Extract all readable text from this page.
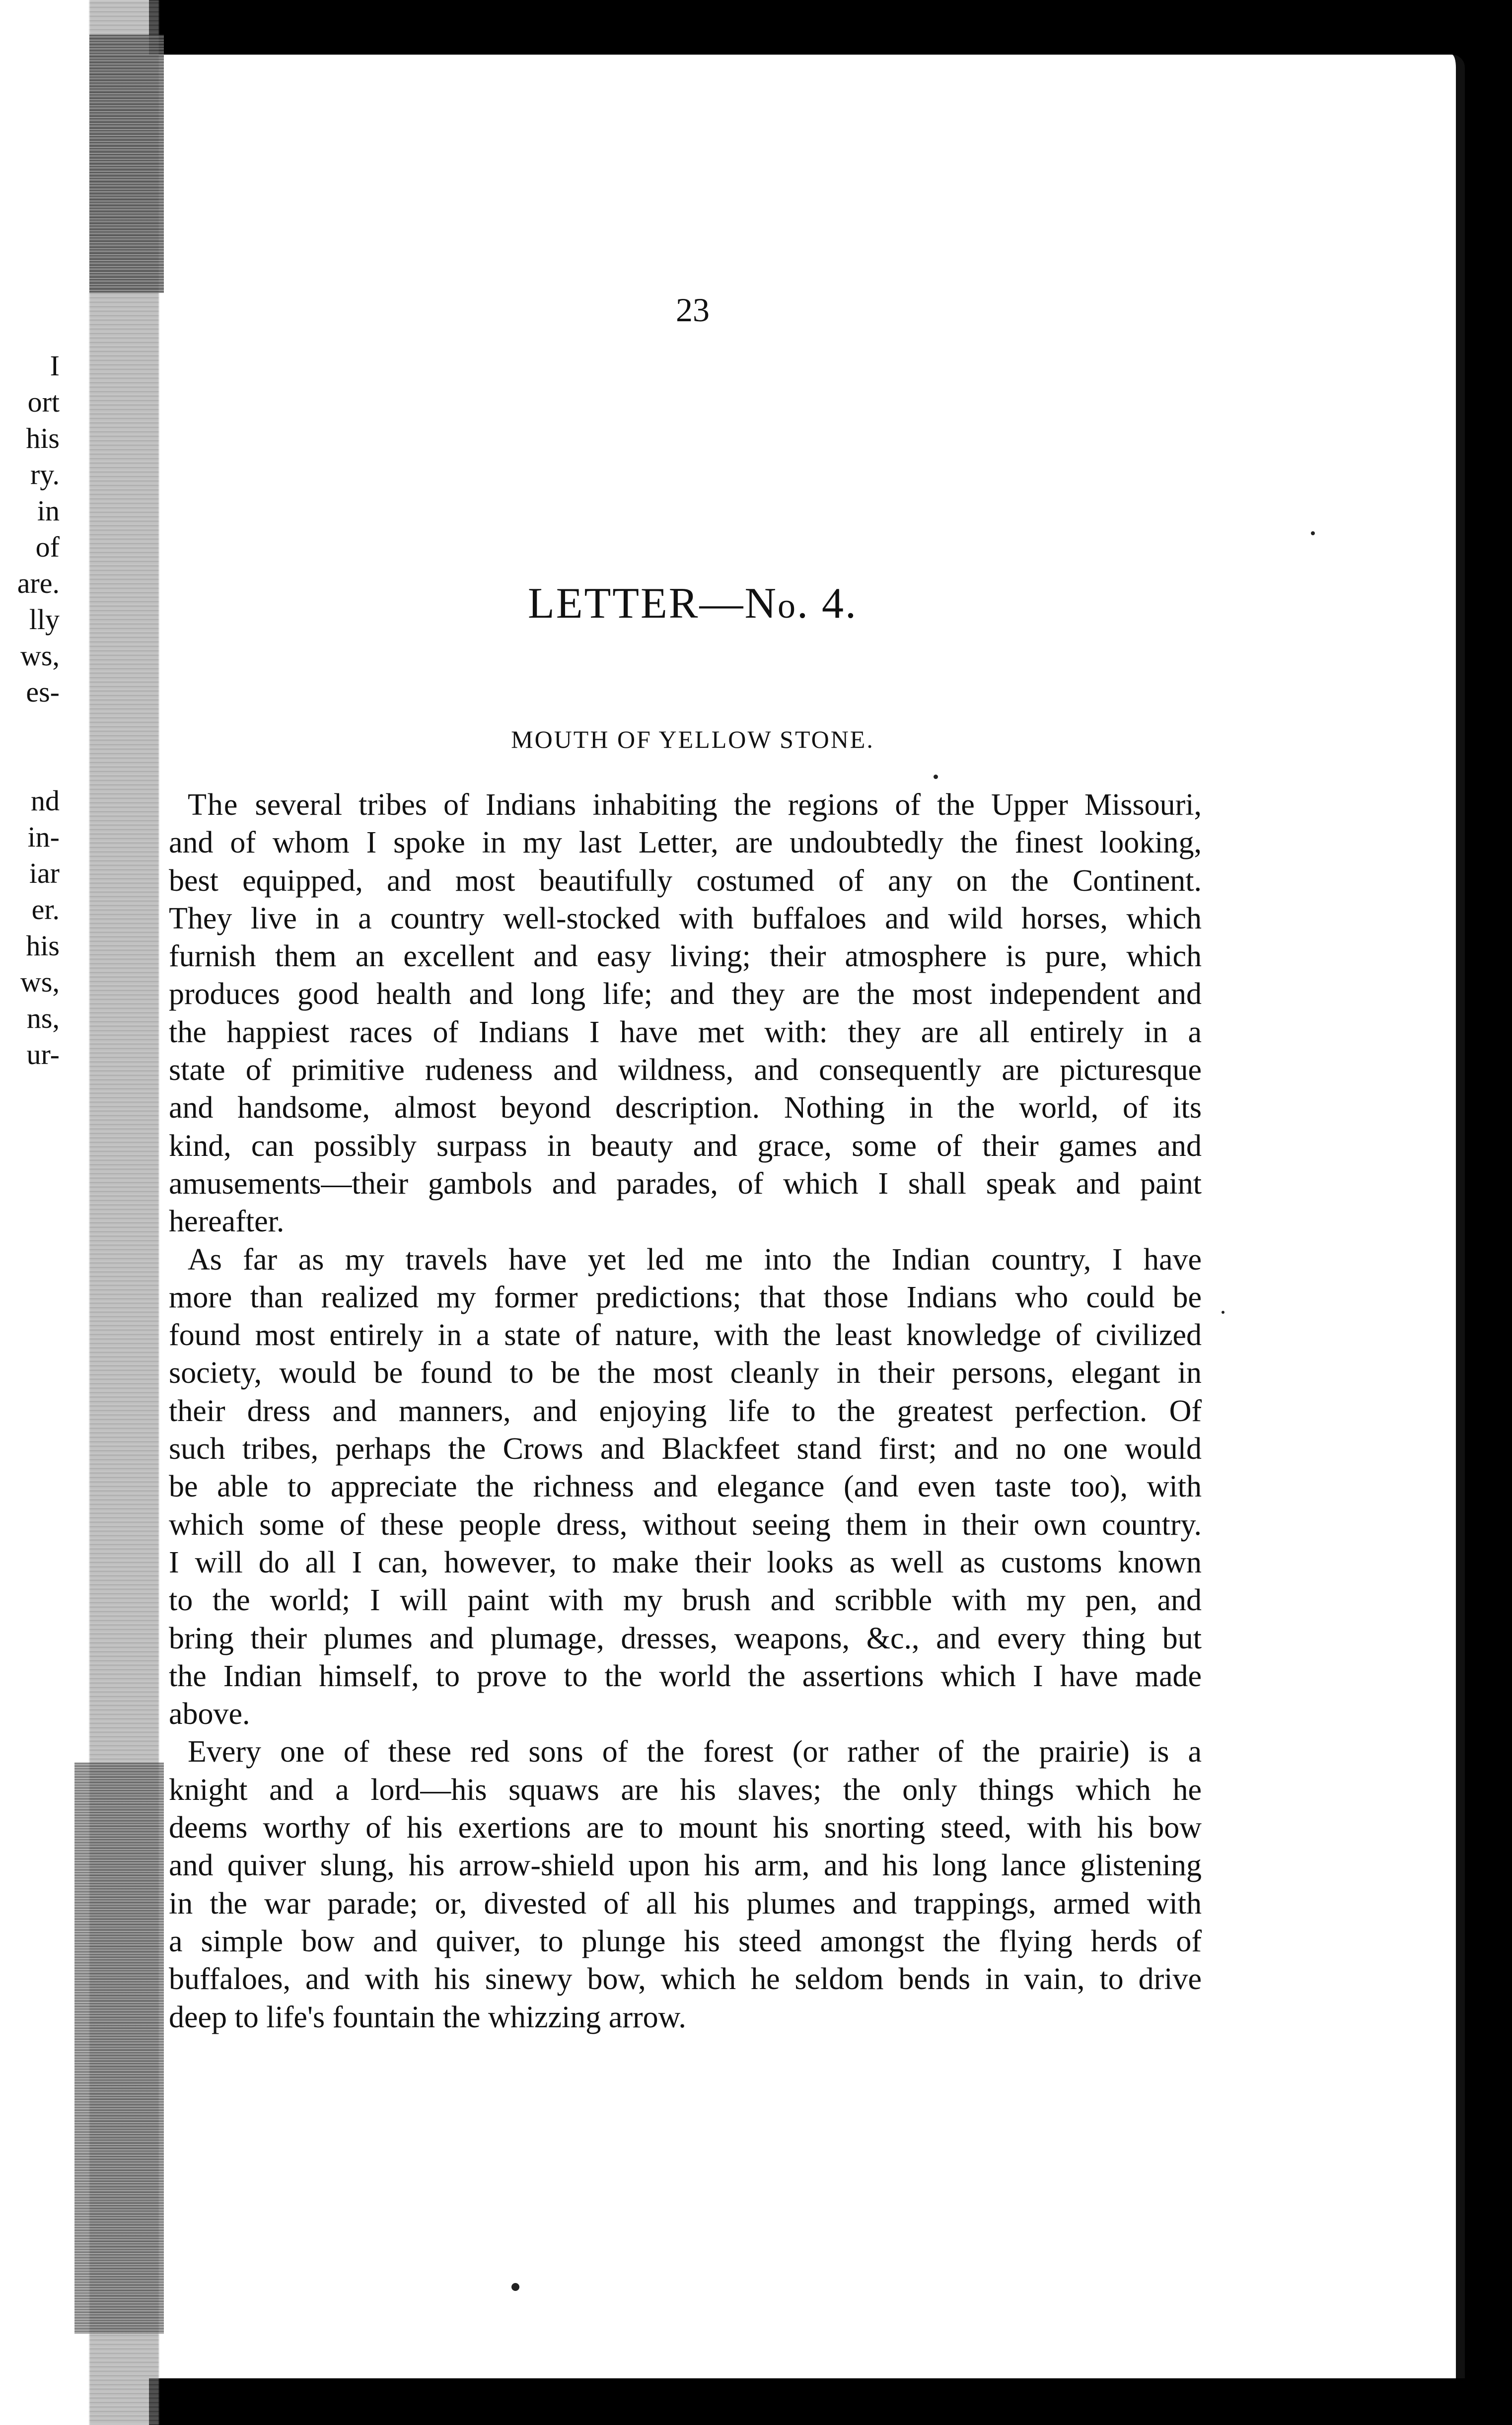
I
ort
his
ry.
in
of
are.
lly
ws,
es-
nd
in-
iar
er.
his
ws,
ns,
ur-
23
LETTER—No. 4.
MOUTH OF YELLOW STONE.
The several tribes of Indians inhabiting the regions of the Upper Missouri,
and of whom I spoke in my last Letter, are undoubtedly the finest looking,
best equipped, and most beautifully costumed of any on the Continent.
They live in a country well-stocked with buffaloes and wild horses, which
furnish them an excellent and easy living; their atmosphere is pure, which
produces good health and long life; and they are the most independent and
the happiest races of Indians I have met with: they are all entirely in a
state of primitive rudeness and wildness, and consequently are picturesque
and handsome, almost beyond description. Nothing in the world, of its
kind, can possibly surpass in beauty and grace, some of their games and
amusements—their gambols and parades, of which I shall speak and paint
hereafter.
As far as my travels have yet led me into the Indian country, I have
more than realized my former predictions; that those Indians who could be
found most entirely in a state of nature, with the least knowledge of civilized
society, would be found to be the most cleanly in their persons, elegant in
their dress and manners, and enjoying life to the greatest perfection. Of
such tribes, perhaps the Crows and Blackfeet stand first; and no one would
be able to appreciate the richness and elegance (and even taste too), with
which some of these people dress, without seeing them in their own country.
I will do all I can, however, to make their looks as well as customs known
to the world; I will paint with my brush and scribble with my pen, and
bring their plumes and plumage, dresses, weapons, &c., and every thing but
the Indian himself, to prove to the world the assertions which I have made
above.
Every one of these red sons of the forest (or rather of the prairie) is a
knight and a lord—his squaws are his slaves; the only things which he
deems worthy of his exertions are to mount his snorting steed, with his bow
and quiver slung, his arrow-shield upon his arm, and his long lance glistening
in the war parade; or, divested of all his plumes and trappings, armed with
a simple bow and quiver, to plunge his steed amongst the flying herds of
buffaloes, and with his sinewy bow, which he seldom bends in vain, to drive
deep to life's fountain the whizzing arrow.
